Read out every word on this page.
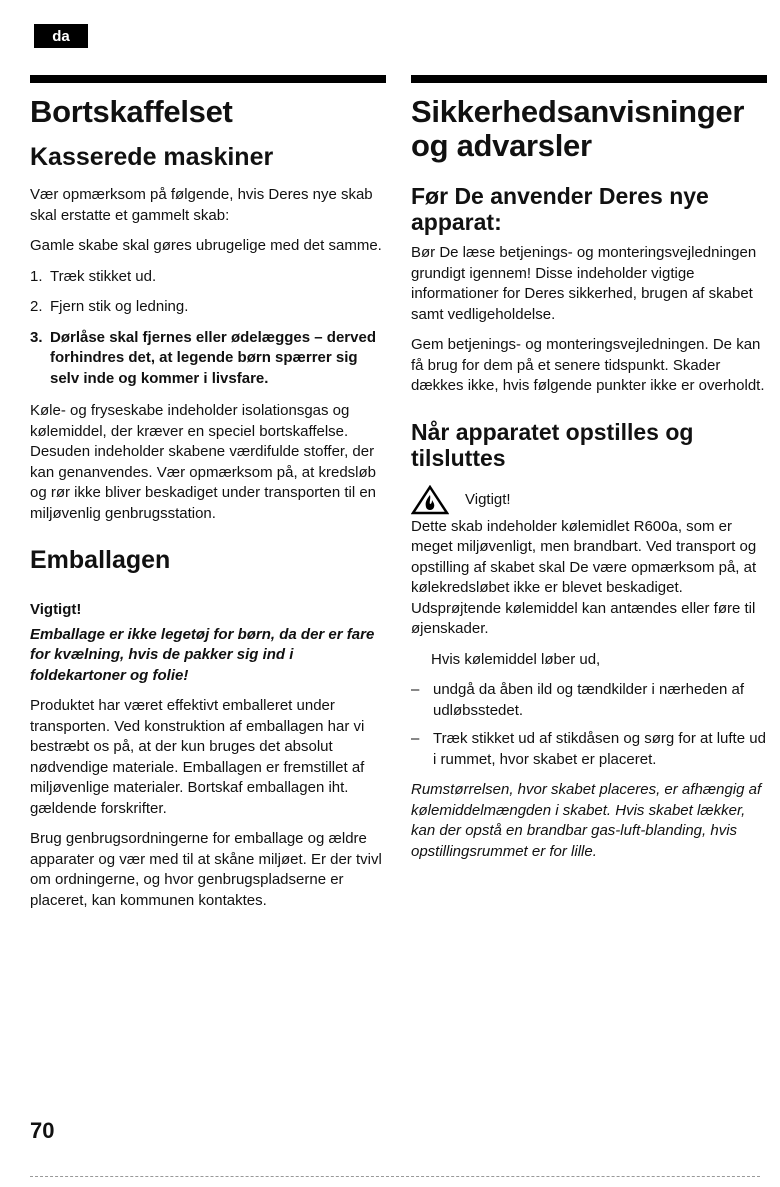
da
Bortskaffelset
Kasserede maskiner

Vær opmærksom på følgende, hvis Deres nye skab skal erstatte et gammelt skab:

Gamle skabe skal gøres ubrugelige med det samme.

1. Træk stikket ud.
2. Fjern stik og ledning.
3. Dørlåse skal fjernes eller ødelægges – derved forhindres det, at legende børn spærrer sig selv inde og kommer i livsfare.

Køle- og fryseskabe indeholder isolationsgas og kølemiddel, der kræver en speciel bortskaffelse. Desuden indeholder skabene værdifulde stoffer, der kan genanvendes. Vær opmærksom på, at kredsløb og rør ikke bliver beskadiget under transporten til en miljøvenlig genbrugsstation.

Emballagen

Vigtigt!

Emballage er ikke legetøj for børn, da der er fare for kvælning, hvis de pakker sig ind i foldekartoner og folie!

Produktet har været effektivt emballeret under transporten. Ved konstruktion af emballagen har vi bestræbt os på, at der kun bruges det absolut nødvendige materiale. Emballagen er fremstillet af miljøvenlige materialer. Bortskaf emballagen iht. gældende forskrifter.

Brug genbrugsordningerne for emballage og ældre apparater og vær med til at skåne miljøet. Er der tvivl om ordningerne, og hvor genbrugspladserne er placeret, kan kommunen kontaktes.

Sikkerhedsanvisninger og advarsler
Før De anvender Deres nye apparat:

Bør De læse betjenings- og monteringsvejledningen grundigt igennem! Disse indeholder vigtige informationer for Deres sikkerhed, brugen af skabet samt vedligeholdelse.

Gem betjenings- og monteringsvejledningen. De kan få brug for dem på et senere tidspunkt. Skader dækkes ikke, hvis følgende punkter ikke er overholdt.

Når apparatet opstilles og tilsluttes
Vigtigt!

Dette skab indeholder kølemidlet R600a, som er meget miljøvenligt, men brandbart. Ved transport og opstilling af skabet skal De være opmærksom på, at kølekredsløbet ikke er blevet beskadiget. Udsprøjtende kølemiddel kan antændes eller føre til øjenskader.

Hvis kølemiddel løber ud,

– undgå da åben ild og tændkilder i nærheden af udløbsstedet.
– Træk stikket ud af stikdåsen og sørg for at lufte ud i rummet, hvor skabet er placeret.

Rumstørrelsen, hvor skabet placeres, er afhængig af kølemiddelmængden i skabet. Hvis skabet lækker, kan der opstå en brandbar gas-luft-blanding, hvis opstillingsrummet er for lille.

70
